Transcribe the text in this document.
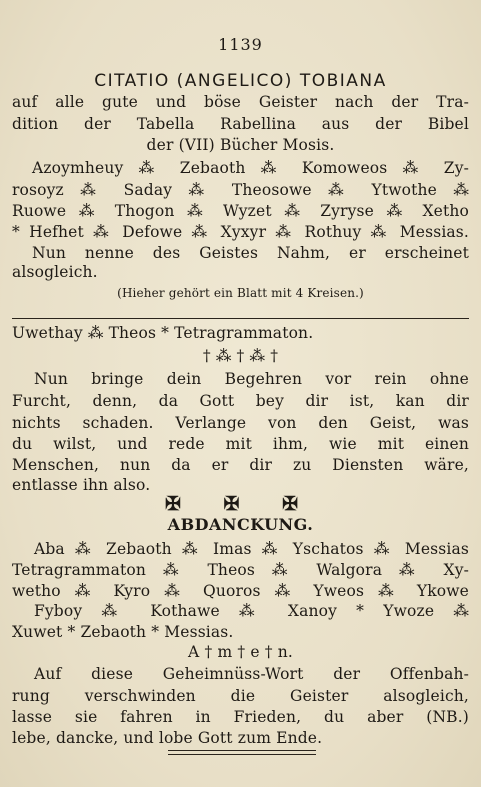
1139
CITATIO (ANGELICO) TOBIANA
auf alle gute und böse Geister nach der Tra-
dition der Tabella Rabellina aus der Bibel
der (VII) Bücher Mosis.
Azoymheuy ⁂ Zebaoth ⁂ Komoweos ⁂ Zy-
rosoyz ⁂ Saday ⁂ Theosowe ⁂ Ytwothe ⁂
Ruowe ⁂ Thogon ⁂ Wyzet ⁂ Zyryse ⁂ Xetho
* Hefhet ⁂ Defowe ⁂ Xyxyr ⁂ Rothuy ⁂ Messias.
Nun nenne des Geistes Nahm, er erscheinet
alsogleich.
(Hieher gehört ein Blatt mit 4 Kreisen.)
Uwethay ⁂ Theos * Tetragrammaton.
† ⁂ † ⁂ †
Nun bringe dein Begehren vor rein ohne
Furcht, denn, da Gott bey dir ist, kan dir
nichts schaden. Verlange von den Geist, was
du wilst, und rede mit ihm, wie mit einen
Menschen, nun da er dir zu Diensten wäre,
entlasse ihn also.
✠ ✠ ✠
ABDANCKUNG.
Aba ⁂ Zebaoth ⁂ Imas ⁂ Yschatos ⁂ Messias
Tetragrammaton ⁂ Theos ⁂ Walgora ⁂ Xy-
wetho ⁂ Kyro ⁂ Quoros ⁂ Yweos ⁂ Ykowe
Fyboy ⁂ Kothawe ⁂ Xanoy * Ywoze ⁂
Xuwet * Zebaoth * Messias.
A † m † e † n.
Auf diese Geheimnüss-Wort der Offenbah-
rung verschwinden die Geister alsogleich,
lasse sie fahren in Frieden, du aber (NB.)
lebe, dancke, und lobe Gott zum Ende.
